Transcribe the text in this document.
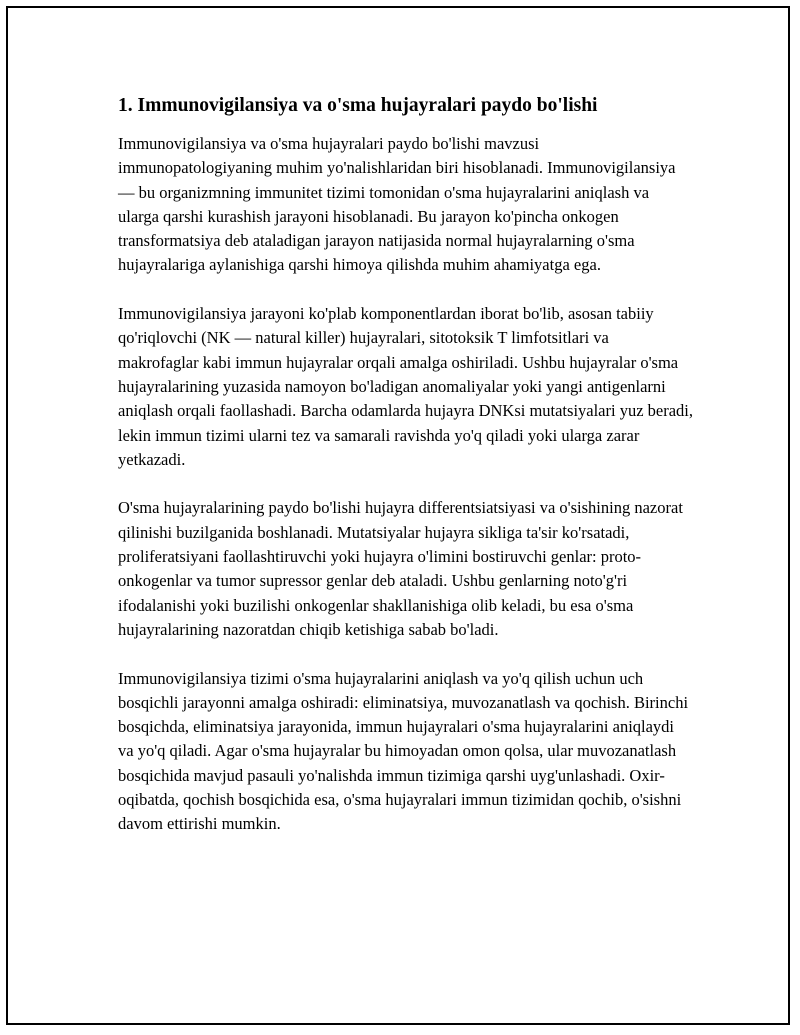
1. Immunovigilansiya va o'sma hujayralari paydo bo'lishi

Immunovigilansiya va o'sma hujayralari paydo bo'lishi mavzusi immunopatologiyaning muhim yo'nalishlaridan biri hisoblanadi. Immunovigilansiya — bu organizmning immunitet tizimi tomonidan o'sma hujayralarini aniqlash va ularga qarshi kurashish jarayoni hisoblanadi. Bu jarayon ko'pincha onkogen transformatsiya deb ataladigan jarayon natijasida normal hujayralarning o'sma hujayralariga aylanishiga qarshi himoya qilishda muhim ahamiyatga ega.

Immunovigilansiya jarayoni ko'plab komponentlardan iborat bo'lib, asosan tabiiy qo'riqlovchi (NK — natural killer) hujayralari, sitotoksik T limfotsitlari va makrofaglar kabi immun hujayralar orqali amalga oshiriladi. Ushbu hujayralar o'sma hujayralarining yuzasida namoyon bo'ladigan anomaliyalar yoki yangi antigenlarni aniqlash orqali faollashadi. Barcha odamlarda hujayra DNKsi mutatsiyalari yuz beradi, lekin immun tizimi ularni tez va samarali ravishda yo'q qiladi yoki ularga zarar yetkazadi.

O'sma hujayralarining paydo bo'lishi hujayra differentsiatsiyasi va o'sishining nazorat qilinishi buzilganida boshlanadi. Mutatsiyalar hujayra sikliga ta'sir ko'rsatadi, proliferatsiyani faollashtiruvchi yoki hujayra o'limini bostiruvchi genlar: proto-onkogenlar va tumor supressor genlar deb ataladi. Ushbu genlarning noto'g'ri ifodalanishi yoki buzilishi onkogenlar shakllanishiga olib keladi, bu esa o'sma hujayralarining nazoratdan chiqib ketishiga sabab bo'ladi.

Immunovigilansiya tizimi o'sma hujayralarini aniqlash va yo'q qilish uchun uch bosqichli jarayonni amalga oshiradi: eliminatsiya, muvozanatlash va qochish. Birinchi bosqichda, eliminatsiya jarayonida, immun hujayralari o'sma hujayralarini aniqlaydi va yo'q qiladi. Agar o'sma hujayralar bu himoyadan omon qolsa, ular muvozanatlash bosqichida mavjud pasauli yo'nalishda immun tizimiga qarshi uyg'unlashadi. Oxir-oqibatda, qochish bosqichida esa, o'sma hujayralari immun tizimidan qochib, o'sishni davom ettirishi mumkin.
